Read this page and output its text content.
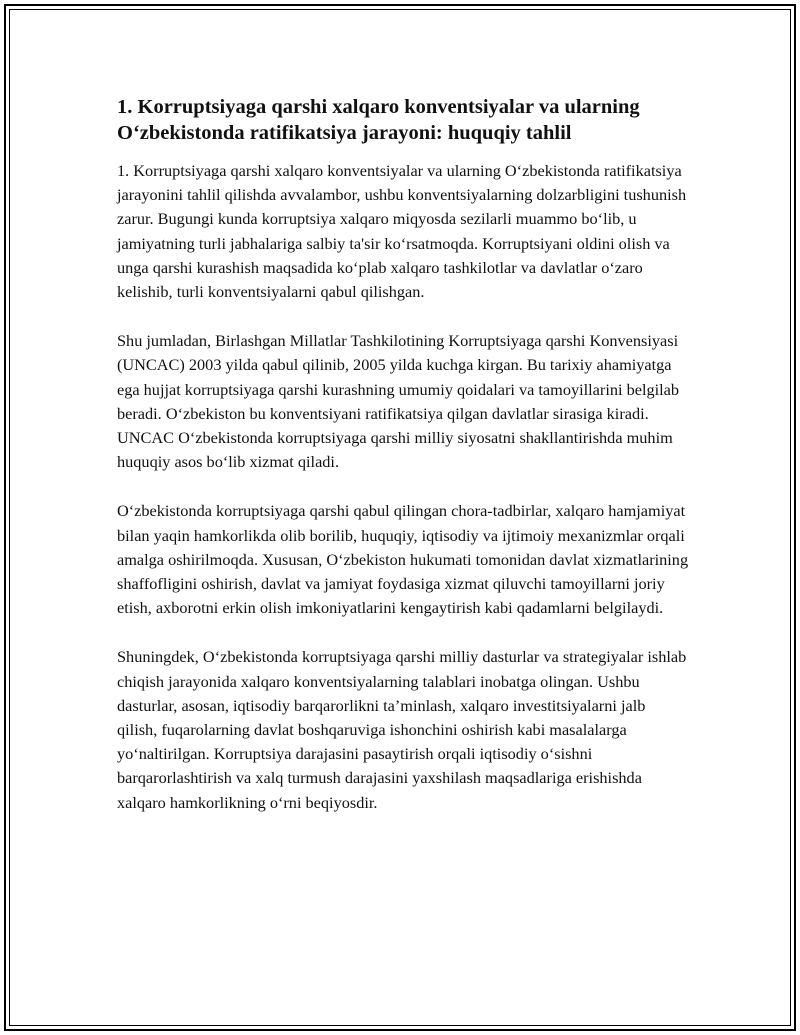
1. Korruptsiyaga qarshi xalqaro konventsiyalar va ularning
O‘zbekistonda ratifikatsiya jarayoni: huquqiy tahlil

1. Korruptsiyaga qarshi xalqaro konventsiyalar va ularning O‘zbekistonda ratifikatsiya jarayonini tahlil qilishda avvalambor, ushbu konventsiyalarning dolzarbligini tushunish zarur. Bugungi kunda korruptsiya xalqaro miqyosda sezilarli muammo bo‘lib, u jamiyatning turli jabhalariga salbiy ta'sir ko‘rsatmoqda. Korruptsiyani oldini olish va unga qarshi kurashish maqsadida ko‘plab xalqaro tashkilotlar va davlatlar o‘zaro kelishib, turli konventsiyalarni qabul qilishgan.

Shu jumladan, Birlashgan Millatlar Tashkilotining Korruptsiyaga qarshi Konvensiyasi (UNCAC) 2003 yilda qabul qilinib, 2005 yilda kuchga kirgan. Bu tarixiy ahamiyatga ega hujjat korruptsiyaga qarshi kurashning umumiy qoidalari va tamoyillarini belgilab beradi. O‘zbekiston bu konventsiyani ratifikatsiya qilgan davlatlar sirasiga kiradi. UNCAC O‘zbekistonda korruptsiyaga qarshi milliy siyosatni shakllantirishda muhim huquqiy asos bo‘lib xizmat qiladi.

O‘zbekistonda korruptsiyaga qarshi qabul qilingan chora-tadbirlar, xalqaro hamjamiyat bilan yaqin hamkorlikda olib borilib, huquqiy, iqtisodiy va ijtimoiy mexanizmlar orqali amalga oshirilmoqda. Xususan, O‘zbekiston hukumati tomonidan davlat xizmatlarining shaffofligini oshirish, davlat va jamiyat foydasiga xizmat qiluvchi tamoyillarni joriy etish, axborotni erkin olish imkoniyatlarini kengaytirish kabi qadamlarni belgilaydi.

Shuningdek, O‘zbekistonda korruptsiyaga qarshi milliy dasturlar va strategiyalar ishlab chiqish jarayonida xalqaro konventsiyalarning talablari inobatga olingan. Ushbu dasturlar, asosan, iqtisodiy barqarorlikni ta’minlash, xalqaro investitsiyalarni jalb qilish, fuqarolarning davlat boshqaruviga ishonchini oshirish kabi masalalarga yo‘naltirilgan. Korruptsiya darajasini pasaytirish orqali iqtisodiy o‘sishni barqarorlashtirish va xalq turmush darajasini yaxshilash maqsadlariga erishishda xalqaro hamkorlikning o‘rni beqiyosdir.
